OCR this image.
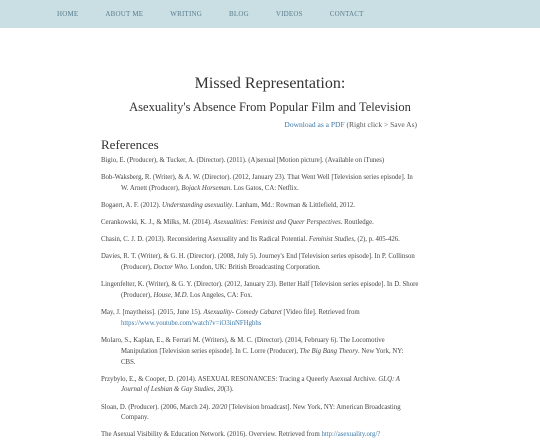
HOME	ABOUT ME	WRITING	BLOG	VIDEOS	CONTACT
Missed Representation:
Asexuality's Absence From Popular Film and Television
Download as a PDF (Right click > Save As)
References
Bigio, E. (Producer), & Tucker, A. (Director). (2011). (A)sexual [Motion picture]. (Available on iTunes)
Bob-Waksberg, R. (Writer), & A. W. (Director). (2012, January 23). That Went Well [Television series episode]. In W. Arnett (Producer), Bojack Horseman. Los Gatos, CA: Netflix.
Bogaert, A. F. (2012). Understanding asexuality. Lanham, Md.: Rowman & Littlefield, 2012.
Cerankowski, K. J., & Milks, M. (2014). Asexualities: Feminist and Queer Perspectives. Routledge.
Chasin, C. J. D. (2013). Reconsidering Asexuality and Its Radical Potential. Feminist Studies, (2), p. 405-426.
Davies, R. T. (Writer), & G. H. (Director). (2008, July 5). Journey's End [Television series episode]. In P. Collinson (Producer), Doctor Who. London, UK: British Broadcasting Corporation.
Lingenfelter, K. (Writer), & G. Y. (Director). (2012, January 23). Better Half [Television series episode]. In D. Shore (Producer), House, M.D. Los Angeles, CA: Fox.
May, J. [maytheiss]. (2015, June 15). Asexuality- Comedy Cabaret [Video file]. Retrieved from https://www.youtube.com/watch?v=iO3inNFHgbhs
Molaro, S., Kaplan, E., & Ferrari M. (Writers), & M. C. (Director). (2014, February 6). The Locomotive Manipulation [Television series episode]. In C. Lorre (Producer), The Big Bang Theory. New York, NY: CBS.
Przybylo, E., & Cooper, D. (2014). ASEXUAL RESONANCES: Tracing a Queerly Asexual Archive. GLQ: A Journal of Lesbian & Gay Studies, 20(3).
Sloan, D. (Producer). (2006, March 24). 20/20 [Television broadcast]. New York, NY: American Broadcasting Company.
The Asexual Visibility & Education Network. (2016). Overview. Retrieved from http://asexuality.org/?
